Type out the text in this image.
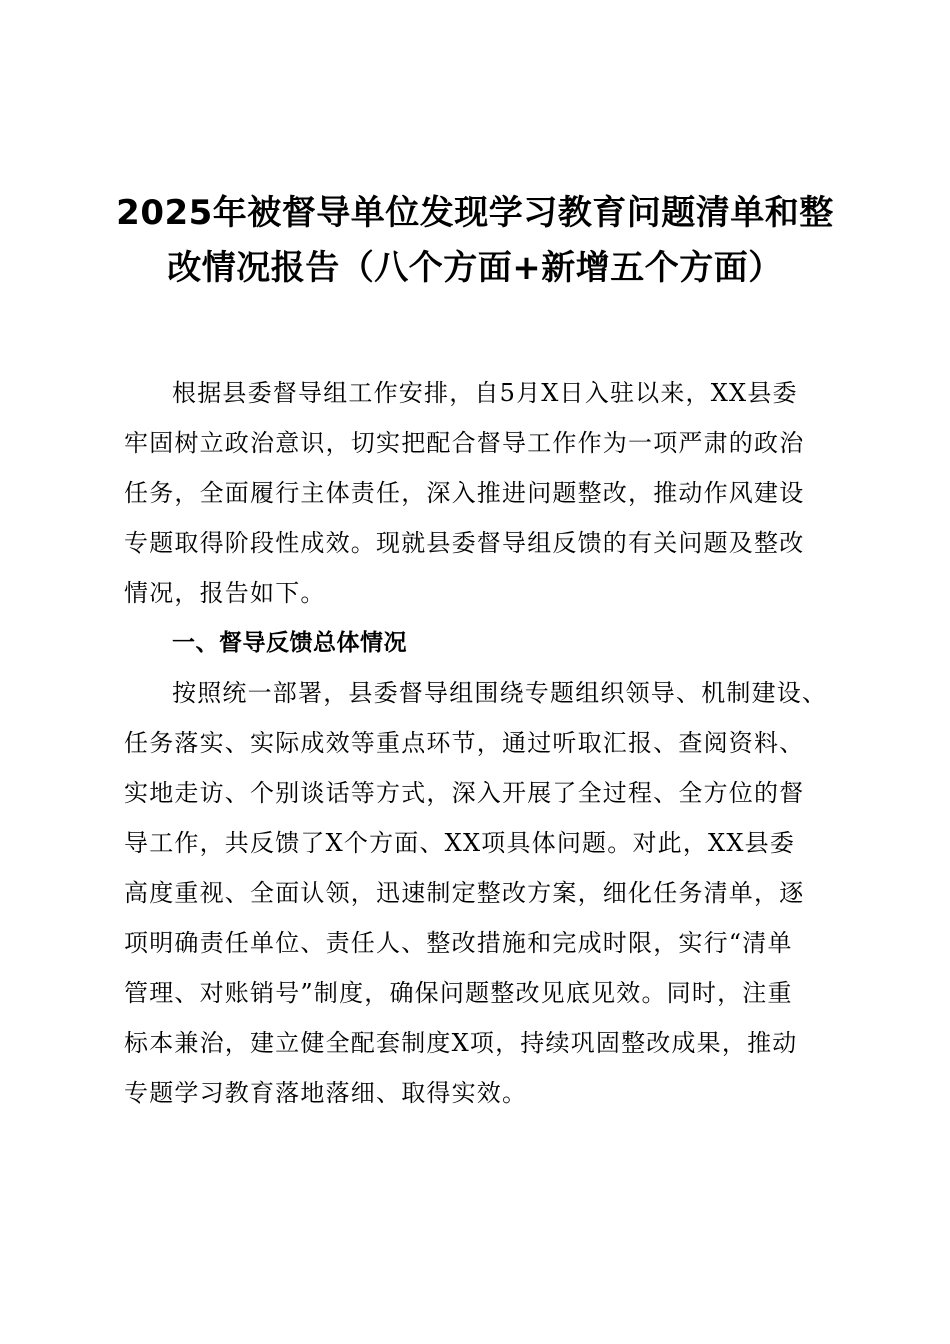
2025年被督导单位发现学习教育问题清单和整
改情况报告（八个方面+新增五个方面）

根据县委督导组工作安排，自5月X日入驻以来，XX县委
牢固树立政治意识，切实把配合督导工作作为一项严肃的政治
任务，全面履行主体责任，深入推进问题整改，推动作风建设
专题取得阶段性成效。现就县委督导组反馈的有关问题及整改
情况，报告如下。

一、督导反馈总体情况

按照统一部署，县委督导组围绕专题组织领导、机制建设、
任务落实、实际成效等重点环节，通过听取汇报、查阅资料、
实地走访、个别谈话等方式，深入开展了全过程、全方位的督
导工作，共反馈了X个方面、XX项具体问题。对此，XX县委
高度重视、全面认领，迅速制定整改方案，细化任务清单，逐
项明确责任单位、责任人、整改措施和完成时限，实行“清单
管理、对账销号”制度，确保问题整改见底见效。同时，注重
标本兼治，建立健全配套制度X项，持续巩固整改成果，推动
专题学习教育落地落细、取得实效。
